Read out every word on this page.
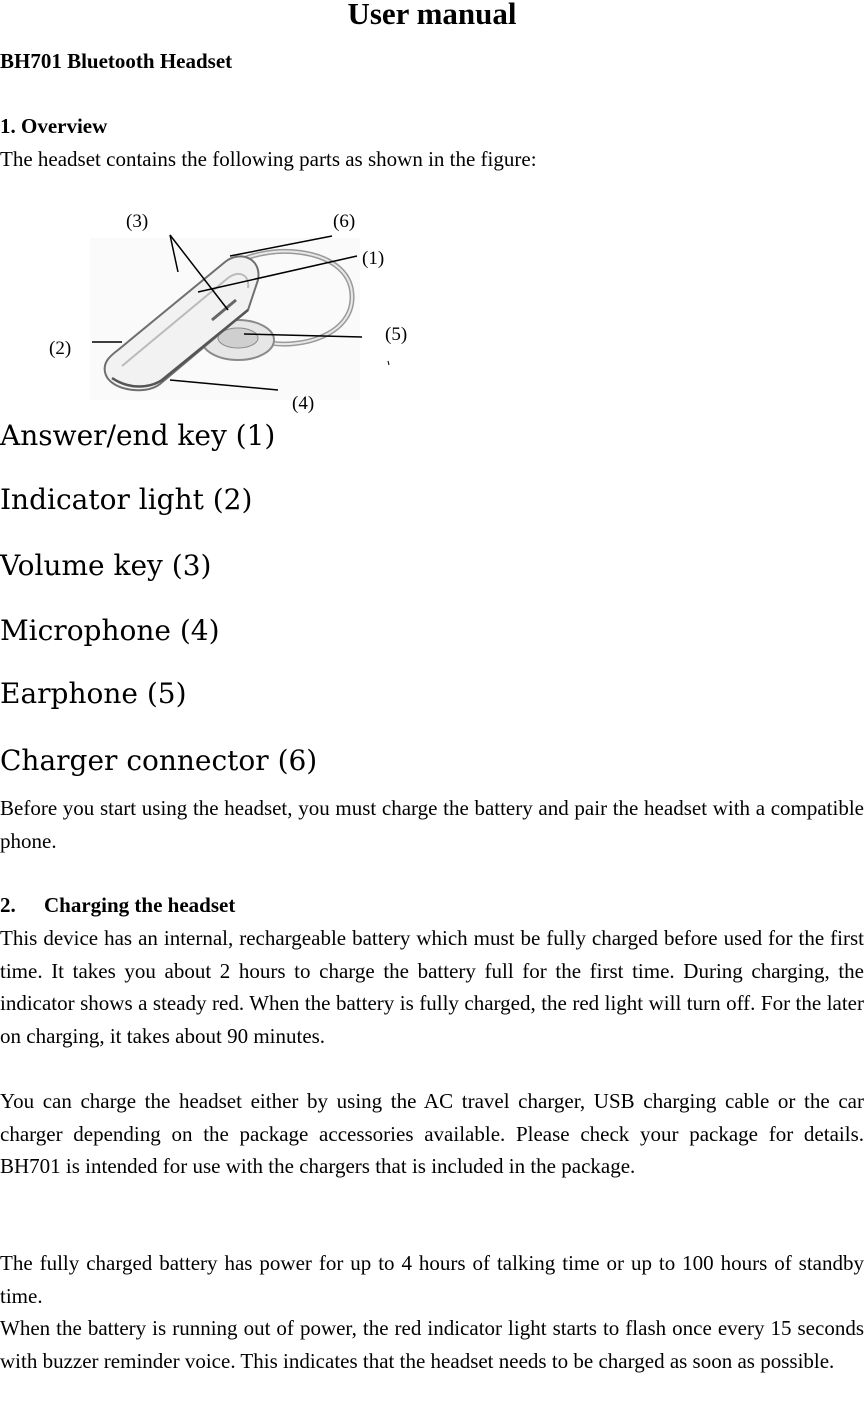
User manual
BH701 Bluetooth Headset
1. Overview
The headset contains the following parts as shown in the figure:
(3)	(6)
(1)
(5)
(2)
(4)
Answer/end key (1)
Indicator light (2)
Volume key (3)
Microphone (4)
Earphone (5)
Charger connector (6)
Before you start using the headset, you must charge the battery and pair the headset with a compatible phone.
2. Charging the headset
This device has an internal, rechargeable battery which must be fully charged before used for the first time. It takes you about 2 hours to charge the battery full for the first time. During charging, the indicator shows a steady red. When the battery is fully charged, the red light will turn off. For the later on charging, it takes about 90 minutes.
You can charge the headset either by using the AC travel charger, USB charging cable or the car charger depending on the package accessories available. Please check your package for details. BH701 is intended for use with the chargers that is included in the package.
The fully charged battery has power for up to 4 hours of talking time or up to 100 hours of standby time.
When the battery is running out of power, the red indicator light starts to flash once every 15 seconds with buzzer reminder voice. This indicates that the headset needs to be charged as soon as possible.
